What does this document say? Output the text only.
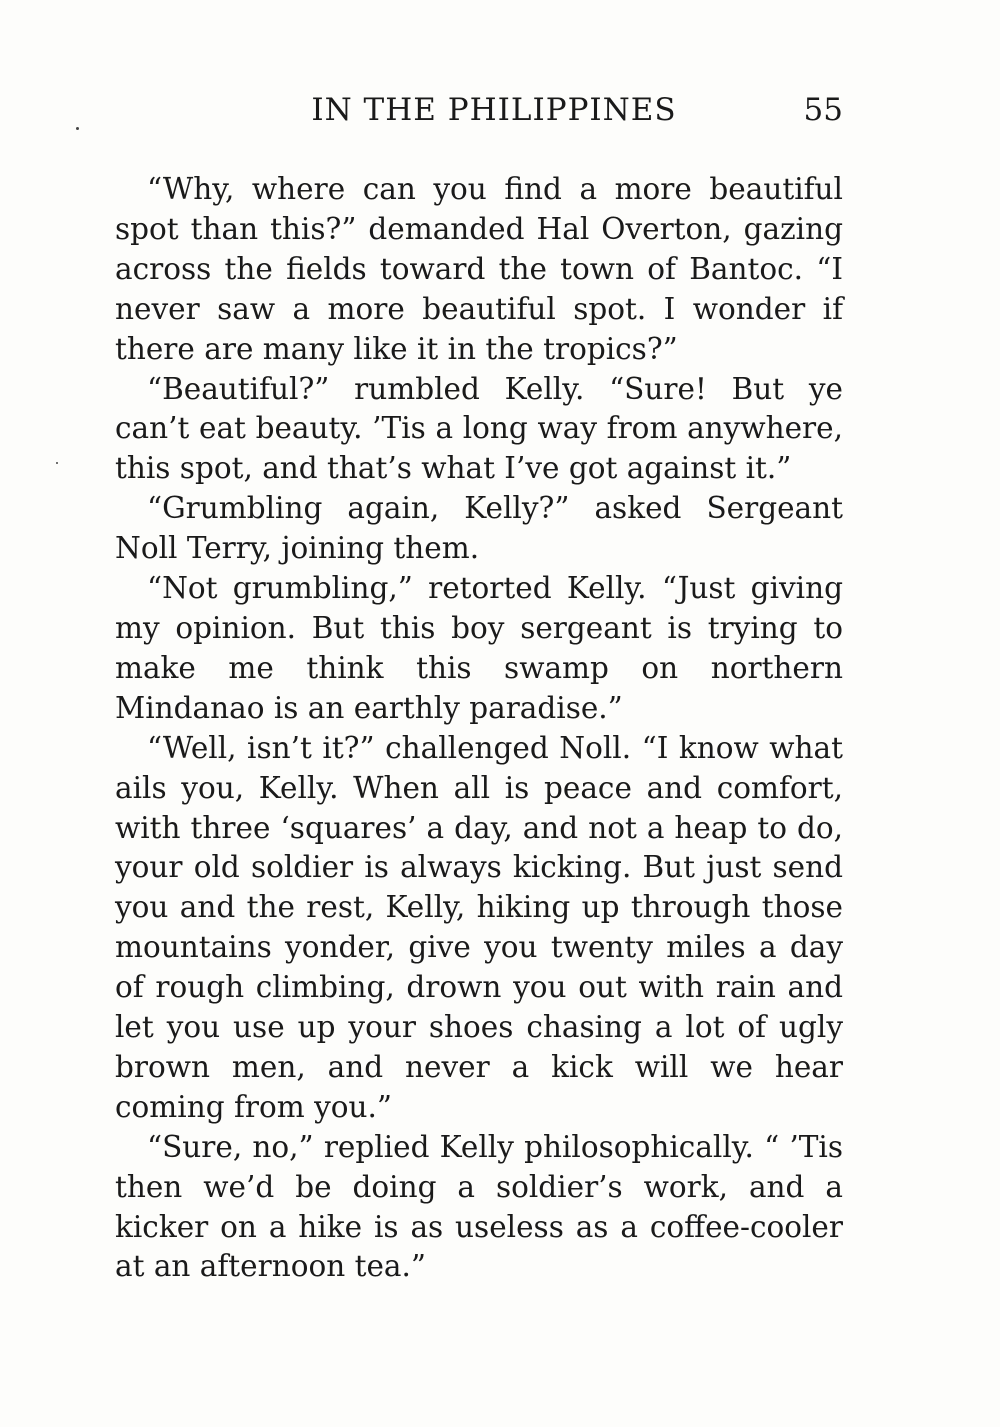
IN THE PHILIPPINES	55

“Why, where can you find a more beautiful spot than this?” demanded Hal Overton, gazing across the fields toward the town of Bantoc. “I never saw a more beautiful spot. I wonder if there are many like it in the tropics?”

“Beautiful?” rumbled Kelly. “Sure! But ye can’t eat beauty. ’Tis a long way from anywhere, this spot, and that’s what I’ve got against it.”

“Grumbling again, Kelly?” asked Sergeant Noll Terry, joining them.

“Not grumbling,” retorted Kelly. “Just giving my opinion. But this boy sergeant is trying to make me think this swamp on northern Mindanao is an earthly paradise.”

“Well, isn’t it?” challenged Noll. “I know what ails you, Kelly. When all is peace and comfort, with three ‘squares’ a day, and not a heap to do, your old soldier is always kicking. But just send you and the rest, Kelly, hiking up through those mountains yonder, give you twenty miles a day of rough climbing, drown you out with rain and let you use up your shoes chasing a lot of ugly brown men, and never a kick will we hear coming from you.”

“Sure, no,” replied Kelly philosophically. “ ’Tis then we’d be doing a soldier’s work, and a kicker on a hike is as useless as a coffee-cooler at an afternoon tea.”
